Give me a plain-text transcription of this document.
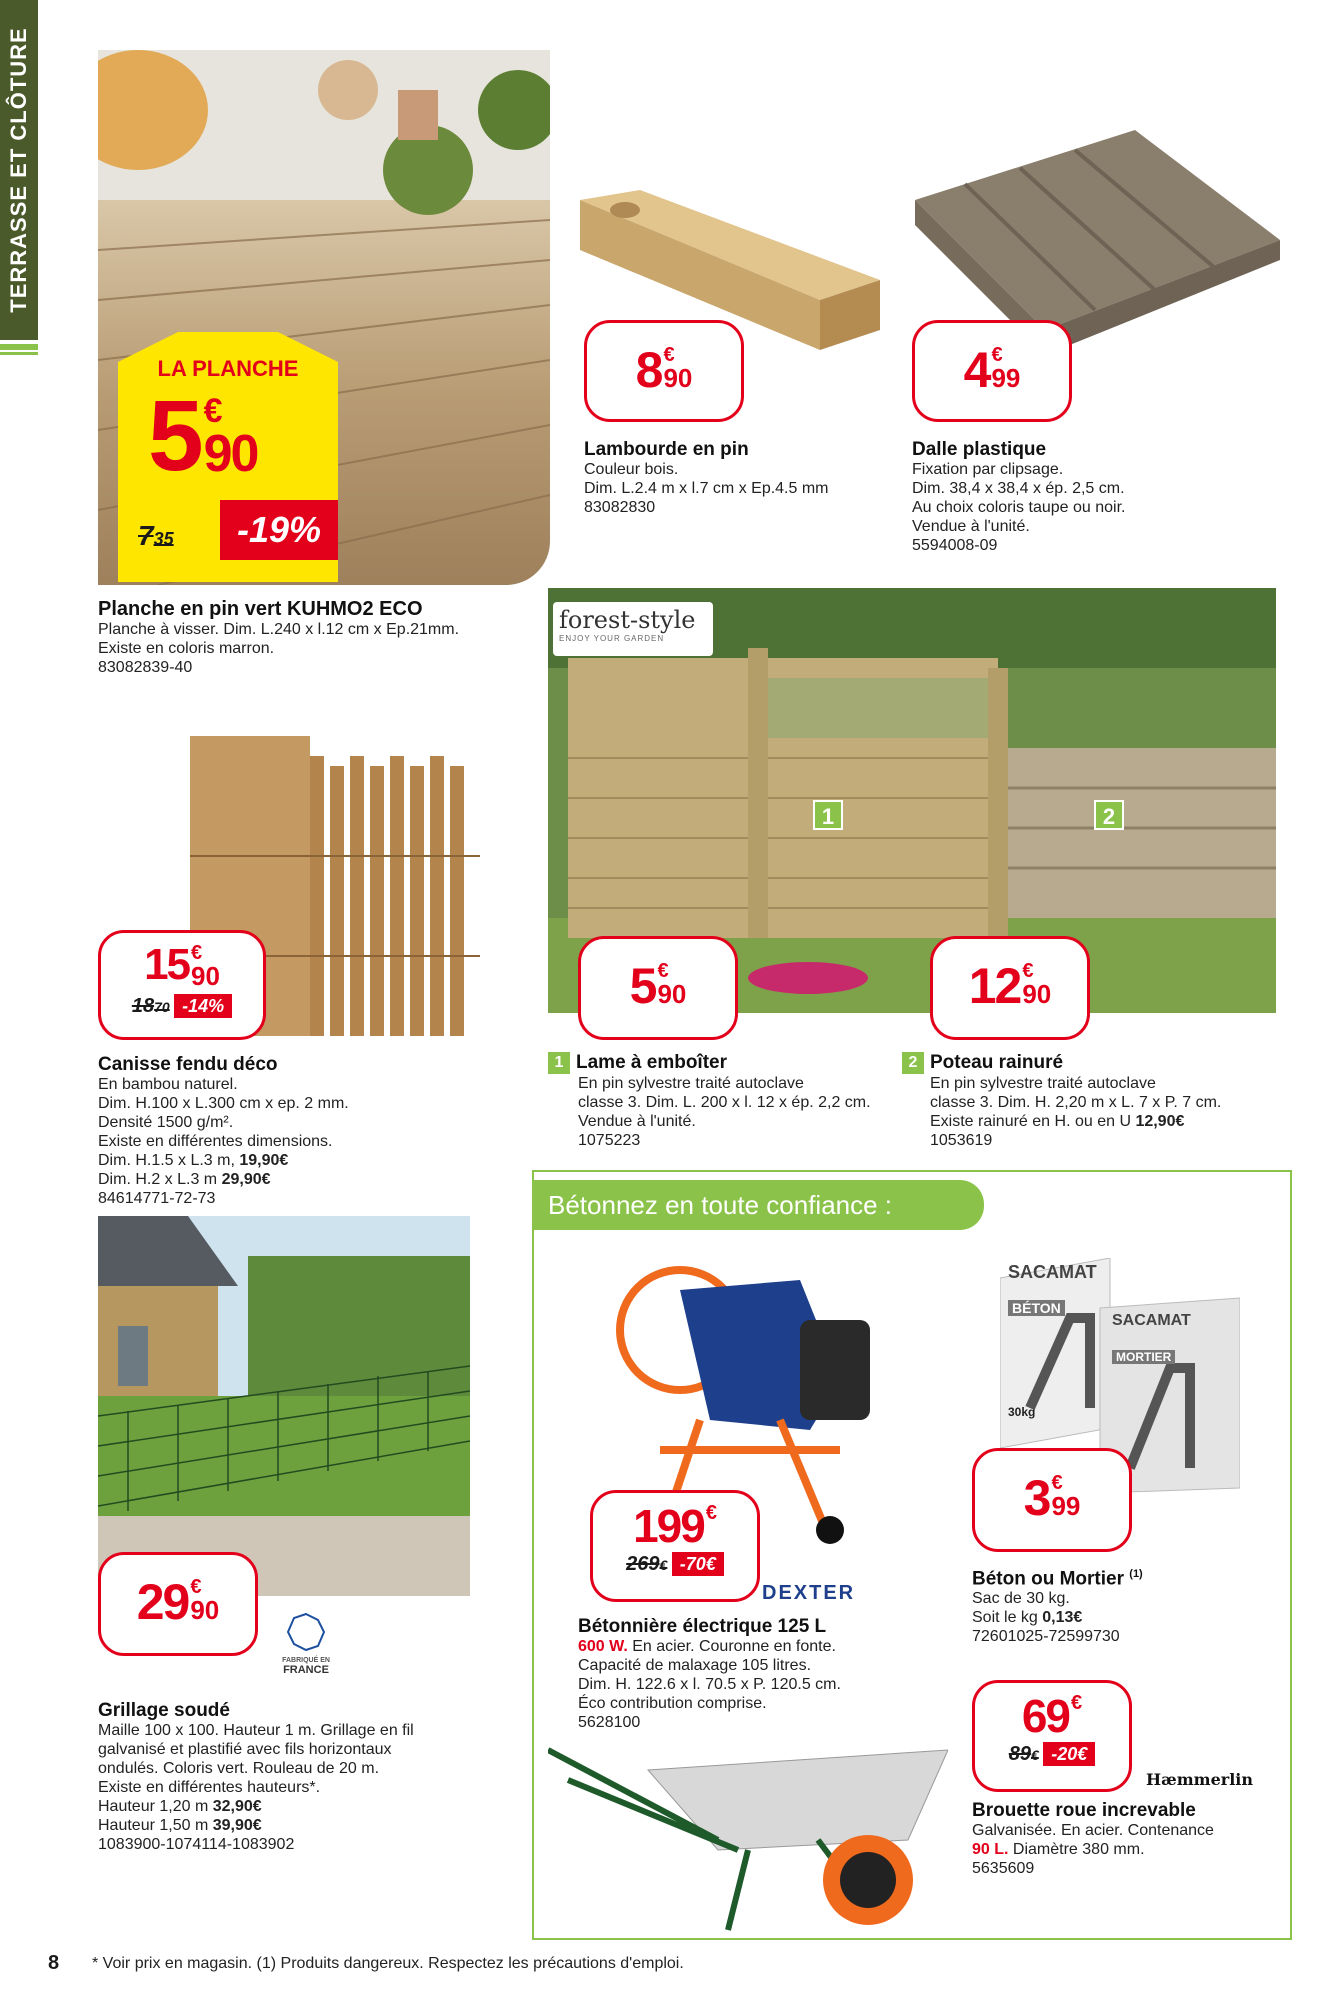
TERRASSE ET CLÔTURE
LA PLANCHE
5 €
90
735	-19%
Planche en pin vert KUHMO2 ECO
Planche à visser. Dim. L.240 x l.12 cm x Ep.21mm.
Existe en coloris marron.
83082839-40
8 €
90
Lambourde en pin
Couleur bois.
Dim. L.2.4 m x l.7 cm x Ep.4.5 mm
83082830
4 €
99
Dalle plastique
Fixation par clipsage.
Dim. 38,4 x 38,4 x ép. 2,5 cm.
Au choix coloris taupe ou noir.
Vendue à l'unité.
5594008-09
15 €
90
1870 -14%
Canisse fendu déco
En bambou naturel.
Dim. H.100 x L.300 cm x ep. 2 mm.
Densité 1500 g/m².
Existe en différentes dimensions.
Dim. H.1.5 x L.3 m, 19,90€
Dim. H.2 x L.3 m 29,90€
84614771-72-73
forest-style
ENJOY YOUR GARDEN
1	2
5 €
90	12 €
90
1 Lame à emboîter
En pin sylvestre traité autoclave
classe 3. Dim. L. 200 x l. 12 x ép. 2,2 cm.
Vendue à l'unité.
1075223
2 Poteau rainuré
En pin sylvestre traité autoclave
classe 3. Dim. H. 2,20 m x L. 7 x P. 7 cm.
Existe rainuré en H. ou en U 12,90€
1053619
29 €
90
FABRIQUÉ EN
FRANCE
Grillage soudé
Maille 100 x 100. Hauteur 1 m. Grillage en fil
galvanisé et plastifié avec fils horizontaux
ondulés. Coloris vert. Rouleau de 20 m.
Existe en différentes hauteurs*.
Hauteur 1,20 m 32,90€
Hauteur 1,50 m 39,90€
1083900-1074114-1083902
Bétonnez en toute confiance :
199 €
269€ -70€
DEXTER
Bétonnière électrique 125 L
600 W. En acier. Couronne en fonte.
Capacité de malaxage 105 litres.
Dim. H. 122.6 x l. 70.5 x P. 120.5 cm.
Éco contribution comprise.
5628100
SACAMAT
BÉTON
30kg
SACAMAT
MORTIER
3 €
99
Béton ou Mortier $^{(1)}$
Sac de 30 kg.
Soit le kg 0,13€
72601025-72599730
69 €
89€ -20€
Hæmmerlin
Brouette roue increvable
Galvanisée. En acier. Contenance
90 L. Diamètre 380 mm.
5635609
8 * Voir prix en magasin. (1) Produits dangereux. Respectez les précautions d'emploi.
